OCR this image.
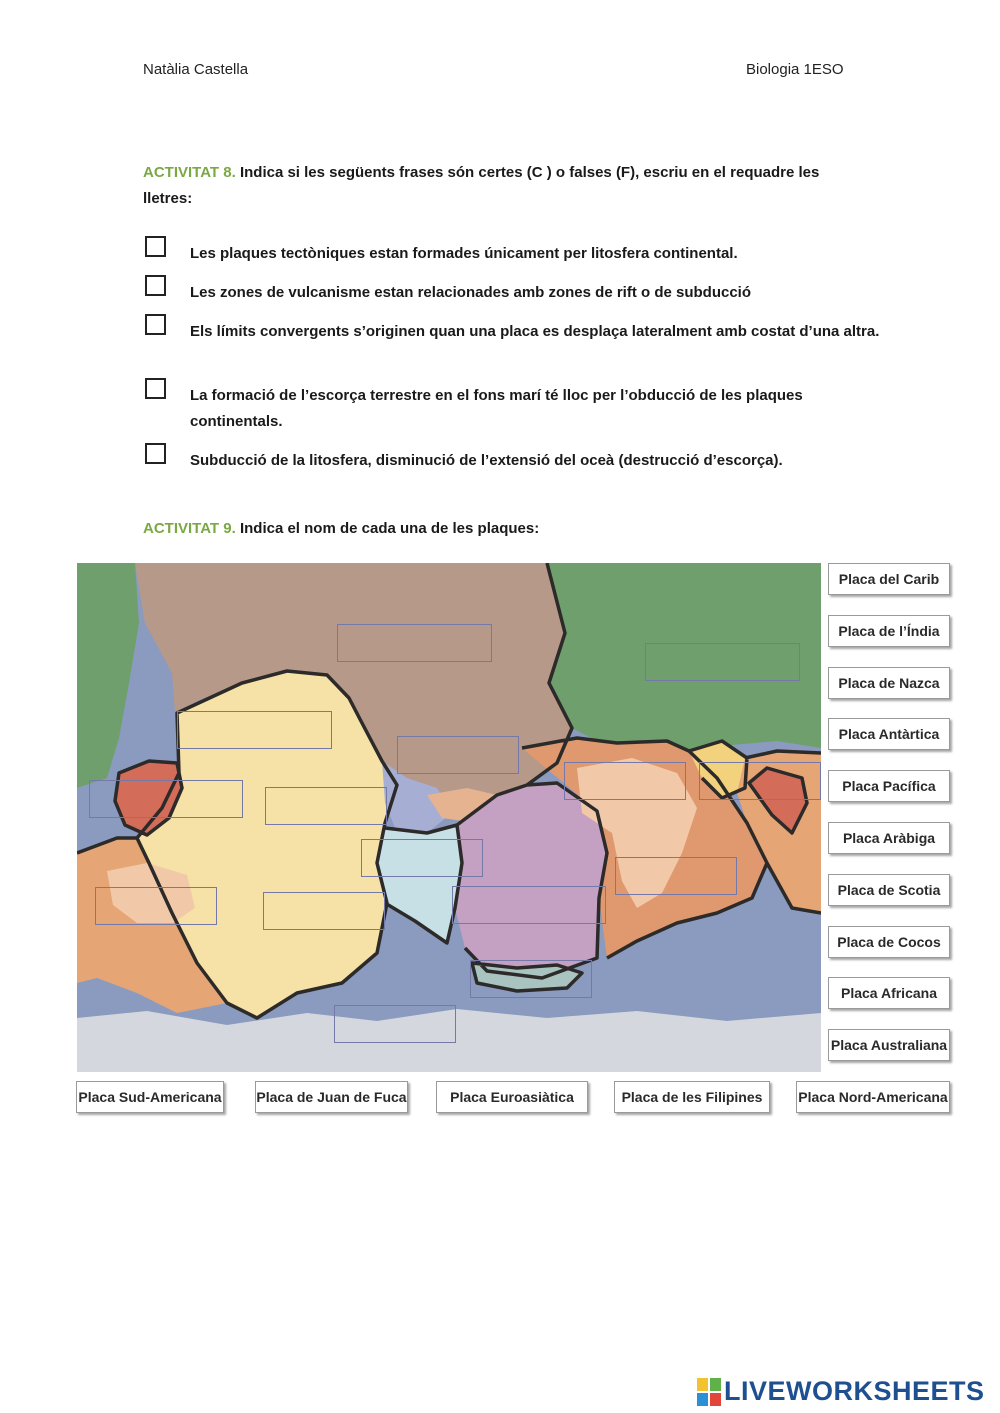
Natàlia Castella	Biologia 1ESO
ACTIVITAT 8. Indica si les següents frases són certes (C ) o falses (F), escriu en el requadre les lletres:
Les plaques tectòniques estan formades únicament per litosfera continental.
Les zones de vulcanisme estan relacionades amb zones de rift o de subducció
Els límits convergents s’originen quan una placa es desplaça lateralment amb costat d’una altra.
La formació de l’escorça terrestre en el fons marí té lloc per l’obducció de les plaques continentals.
Subducció de la litosfera, disminució de l’extensió del oceà (destrucció d’escorça).
ACTIVITAT 9. Indica el nom de cada una de les plaques:
Placa del Carib
Placa de l’Índia
Placa de Nazca
Placa Antàrtica
Placa Pacífica
Placa Aràbiga
Placa de Scotia
Placa de Cocos
Placa Africana
Placa Australiana
Placa Sud-Americana Placa de Juan de Fuca	Placa Euroasiàtica	Placa de les Filipines	Placa Nord-Americana
LIVEWORKSHEETS
